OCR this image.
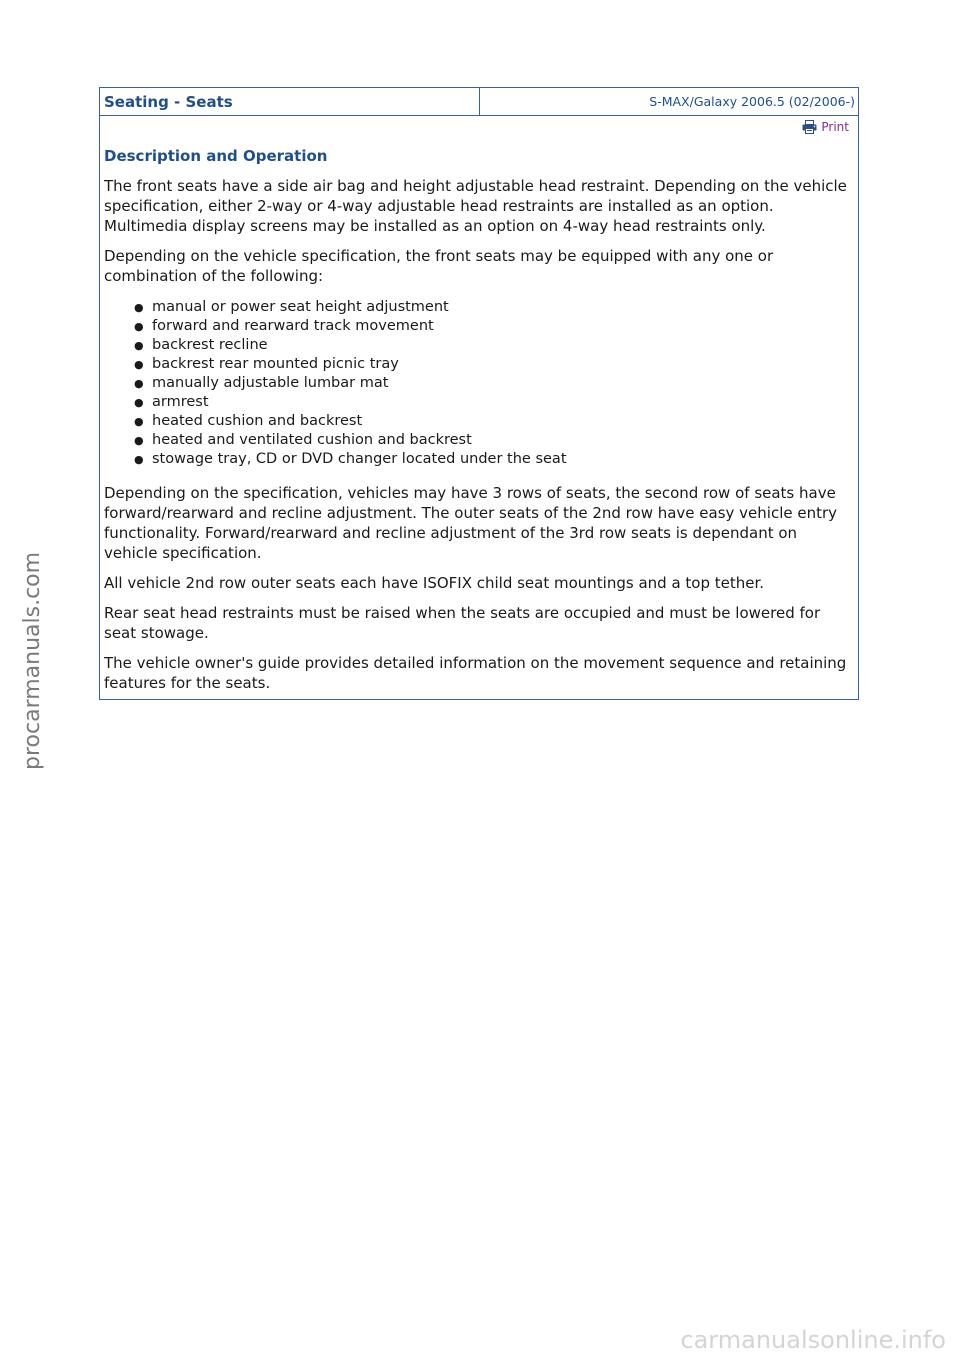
Seating - Seats	S-MAX/Galaxy 2006.5 (02/2006-)
Print
Description and Operation

The front seats have a side air bag and height adjustable head restraint. Depending on the vehicle specification, either 2-way or 4-way adjustable head restraints are installed as an option. Multimedia display screens may be installed as an option on 4-way head restraints only.

Depending on the vehicle specification, the front seats may be equipped with any one or combination of the following:

● manual or power seat height adjustment
● forward and rearward track movement
● backrest recline
● backrest rear mounted picnic tray
● manually adjustable lumbar mat
● armrest
● heated cushion and backrest
● heated and ventilated cushion and backrest
● stowage tray, CD or DVD changer located under the seat

Depending on the specification, vehicles may have 3 rows of seats, the second row of seats have forward/rearward and recline adjustment. The outer seats of the 2nd row have easy vehicle entry functionality. Forward/rearward and recline adjustment of the 3rd row seats is dependant on vehicle specification.

All vehicle 2nd row outer seats each have ISOFIX child seat mountings and a top tether.

Rear seat head restraints must be raised when the seats are occupied and must be lowered for seat stowage.

The vehicle owner's guide provides detailed information on the movement sequence and retaining features for the seats.

procarmanuals.com
carmanualsonline.info
